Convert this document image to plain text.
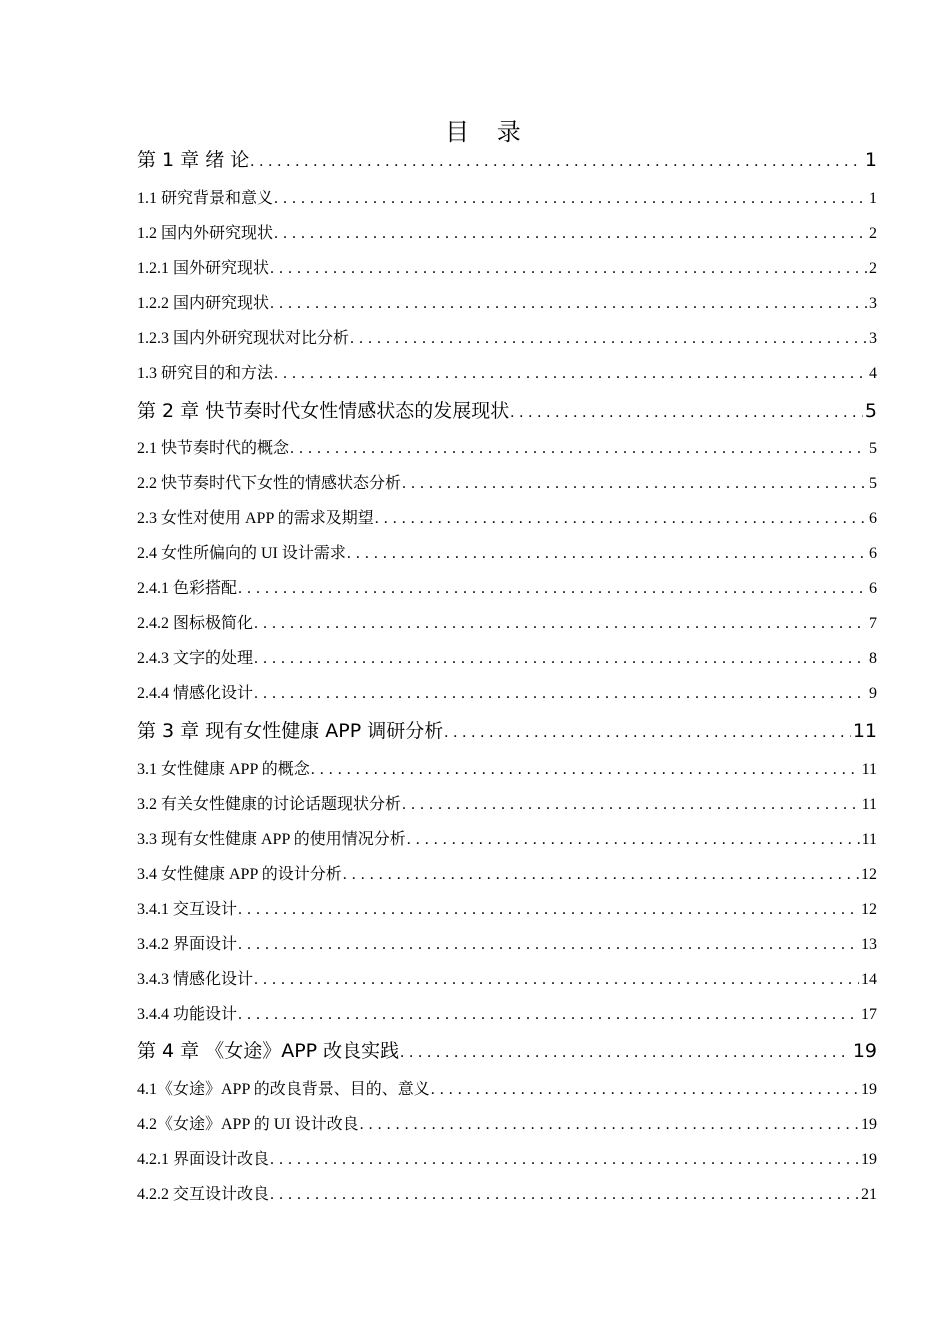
目 录
第 1 章 绪 论 . . .	1
1.1 研究背景和意义 . . .	1
1.2 国内外研究现状 . . .	2
1.2.1 国外研究现状 . . .	2
1.2.2 国内研究现状 . . .	3
1.2.3 国内外研究现状对比分析 . . .	3
1.3 研究目的和方法 . . .	4
第 2 章 快节奏时代女性情感状态的发展现状 . . .	5
2.1 快节奏时代的概念 . . .	5
2.2 快节奏时代下女性的情感状态分析 . . .	5
2.3 女性对使用 APP 的需求及期望 . . .	6
2.4 女性所偏向的 UI 设计需求 . . .	6
2.4.1 色彩搭配 . . .	6
2.4.2 图标极简化 . . .	7
2.4.3 文字的处理 . . .	8
2.4.4 情感化设计 . . .	9
第 3 章 现有女性健康 APP 调研分析 . . .	11
3.1 女性健康 APP 的概念 . . .	11
3.2 有关女性健康的讨论话题现状分析 . . .	11
3.3 现有女性健康 APP 的使用情况分析 . . .	11
3.4 女性健康 APP 的设计分析 . . .	12
3.4.1 交互设计 . . .	12
3.4.2 界面设计 . . .	13
3.4.3 情感化设计 . . .	14
3.4.4 功能设计 . . .	17
第 4 章 《女途》APP 改良实践 . . .	19
4.1《女途》APP 的改良背景、目的、意义 . . .	19
4.2《女途》APP 的 UI 设计改良 . . .	19
4.2.1 界面设计改良 . . .	19
4.2.2 交互设计改良 . . .	21
